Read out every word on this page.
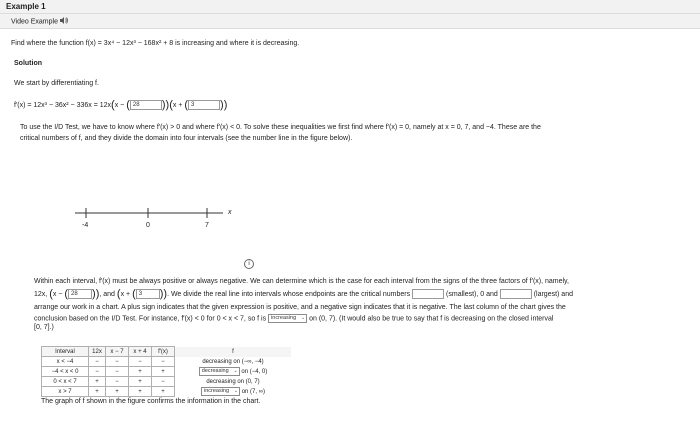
Example 1
Video Example
Find where the function f(x) = 3x⁴ − 12x³ − 168x² + 8 is increasing and where it is decreasing.
Solution
We start by differentiating f.
f′(x) = 12x³ − 36x² − 336x = 12x(x − ( 28 ))(x + ( 3 ))
To use the I/D Test, we have to know where f′(x) > 0 and where f′(x) < 0. To solve these inequalities we first find where f′(x) = 0, namely at x = 0, 7, and −4. These are the
critical numbers of f, and they divide the domain into four intervals (see the number line in the figure below).
x
-4	0	7
i
Within each interval, f′(x) must be always positive or always negative. We can determine which is the case for each interval from the signs of the three factors of f′(x), namely,
12x, (x − ( 28 )), and (x + ( 3 )). We divide the real line into intervals whose endpoints are the critical numbers	(smallest), 0 and	(largest) and
arrange our work in a chart. A plus sign indicates that the given expression is positive, and a negative sign indicates that it is negative. The last column of the chart gives the
conclusion based on the I/D Test. For instance, f′(x) < 0 for 0 < x < 7, so f is increasing ⌄ on (0, 7). (It would also be true to say that f is decreasing on the closed interval
[0, 7].)
Interval	12x	x − 7	x + 4	f′(x)	f
x < −4	−	−	−	−	decreasing on (−∞, −4)
−4 < x < 0	−	−	+	+	decreasing ⌄ on (−4, 0)
0 < x < 7	+	−	+	−	decreasing on (0, 7)
x > 7	+	+	+	+	increasing ⌄ on (7, ∞)
The graph of f shown in the figure confirms the information in the chart.
